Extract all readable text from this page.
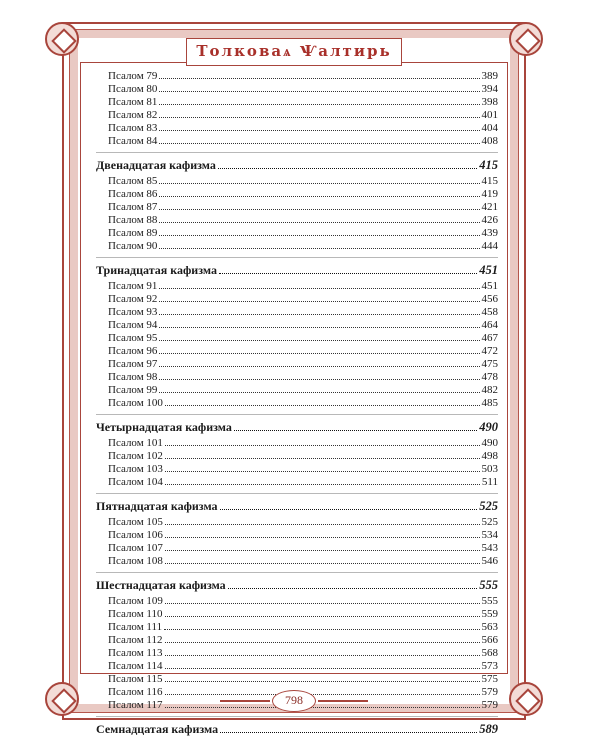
Толковаѧ Ѱалтирь
Псалом 79	389
Псалом 80	394
Псалом 81	398
Псалом 82	401
Псалом 83	404
Псалом 84	408
Двенадцатая кафизма	415
Псалом 85	415
Псалом 86	419
Псалом 87	421
Псалом 88	426
Псалом 89	439
Псалом 90	444
Тринадцатая кафизма	451
Псалом 91	451
Псалом 92	456
Псалом 93	458
Псалом 94	464
Псалом 95	467
Псалом 96	472
Псалом 97	475
Псалом 98	478
Псалом 99	482
Псалом 100	485
Четырнадцатая кафизма	490
Псалом 101	490
Псалом 102	498
Псалом 103	503
Псалом 104	511
Пятнадцатая кафизма	525
Псалом 105	525
Псалом 106	534
Псалом 107	543
Псалом 108	546
Шестнадцатая кафизма	555
Псалом 109	555
Псалом 110	559
Псалом 111	563
Псалом 112	566
Псалом 113	568
Псалом 114	573
Псалом 115	575
Псалом 116	579
Псалом 117	579
Семнадцатая кафизма	589
798
